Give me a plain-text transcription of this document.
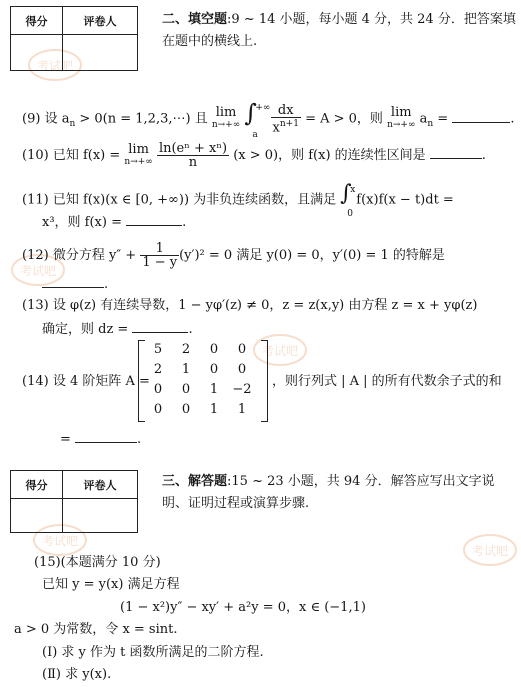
考试吧
考试吧
考试吧
考试吧
考试吧
得分	评卷人
		二、填空题:9 ~ 14 小题，每小题 4 分，共 24 分．把答案填
在题中的横线上.
(9) 设 $a_n > 0(n$ = 1,2,3,⋯) 且 lim
n→+∞ ∫
+∞
a

$\frac{dx}{x^{n+1}} = A > 0$，则 lim
n→+∞ $a_n$ =	.
(10) 已知 f(x) = lim
$n\to+\infty \frac{\text{ln(eⁿ + xⁿ)}}{n} (x > 0)$，则 f(x) 的连续性区间是	.
(11) 已知 f(x)(x ∈ [0, +∞)) 为非负连续函数，且满足 ∫
x
0
f(x)f(x − t)dt =
x³，则 f(x) =	.
(12) 微分方程 $y'' + \frac{1}{1 - y} (y')^2 = 0$ 满足 y(0) = 0，y′(0) = 1 的特解是
.
(13) 设 φ(z) 有连续导数，1 − yφ′(z) ≠ 0，z = z(x,y) 由方程 z = x + yφ(z)
确定，则 dz =	.
(14) 设 4 阶矩阵 A =
5	2	0	0
2	1	0	0
0	0	1	−2
0	0	1	1
，则行列式 | A | 的所有代数余子式的和
=	.
得分	评卷人
		三、解答题:15 ~ 23 小题，共 94 分．解答应写出文字说
明、证明过程或演算步骤.
(15)(本题满分 10 分)
已知 y = y(x) 满足方程
(1 − x²)y″ − xy′ + a²y = 0，x ∈ (−1,1)
a > 0 为常数，令 x = sint.
(Ⅰ) 求 y 作为 t 函数所满足的二阶方程.
(Ⅱ) 求 y(x).
